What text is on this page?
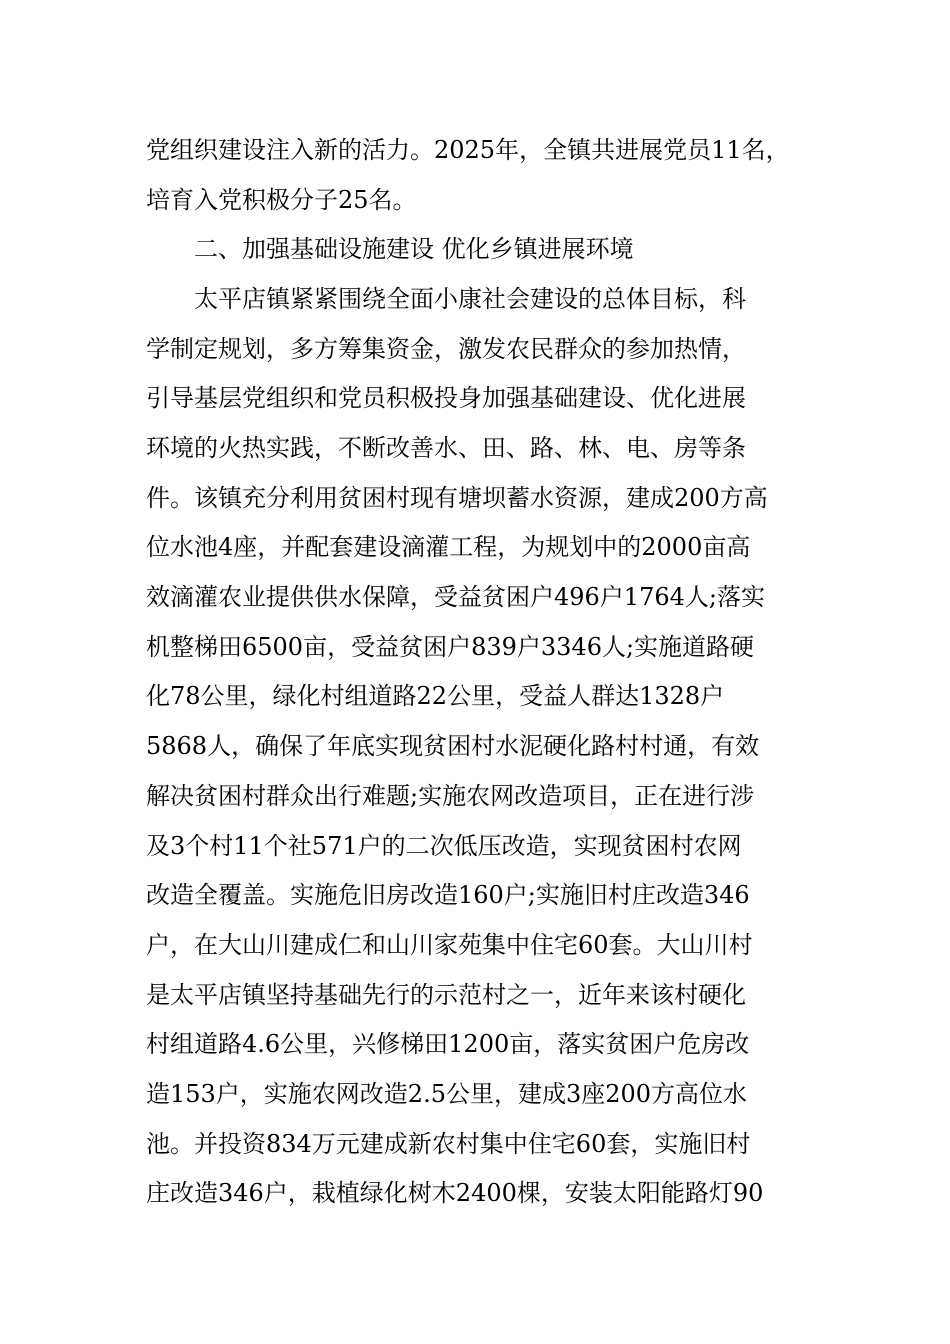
党组织建设注入新的活力。2025年，全镇共进展党员11名，

培育入党积极分子25名。

二、加强基础设施建设 优化乡镇进展环境

太平店镇紧紧围绕全面小康社会建设的总体目标，科

学制定规划，多方筹集资金，激发农民群众的参加热情，

引导基层党组织和党员积极投身加强基础建设、优化进展

环境的火热实践，不断改善水、田、路、林、电、房等条

件。该镇充分利用贫困村现有塘坝蓄水资源，建成200方高

位水池4座，并配套建设滴灌工程，为规划中的2000亩高

效滴灌农业提供供水保障，受益贫困户496户1764人;落实

机整梯田6500亩，受益贫困户839户3346人;实施道路硬

化78公里，绿化村组道路22公里，受益人群达1328户

5868人，确保了年底实现贫困村水泥硬化路村村通，有效

解决贫困村群众出行难题;实施农网改造项目，正在进行涉

及3个村11个社571户的二次低压改造，实现贫困村农网

改造全覆盖。实施危旧房改造160户;实施旧村庄改造346

户，在大山川建成仁和山川家苑集中住宅60套。大山川村

是太平店镇坚持基础先行的示范村之一，近年来该村硬化

村组道路4.6公里，兴修梯田1200亩，落实贫困户危房改

造153户，实施农网改造2.5公里，建成3座200方高位水

池。并投资834万元建成新农村集中住宅60套，实施旧村

庄改造346户，栽植绿化树木2400棵，安装太阳能路灯90
